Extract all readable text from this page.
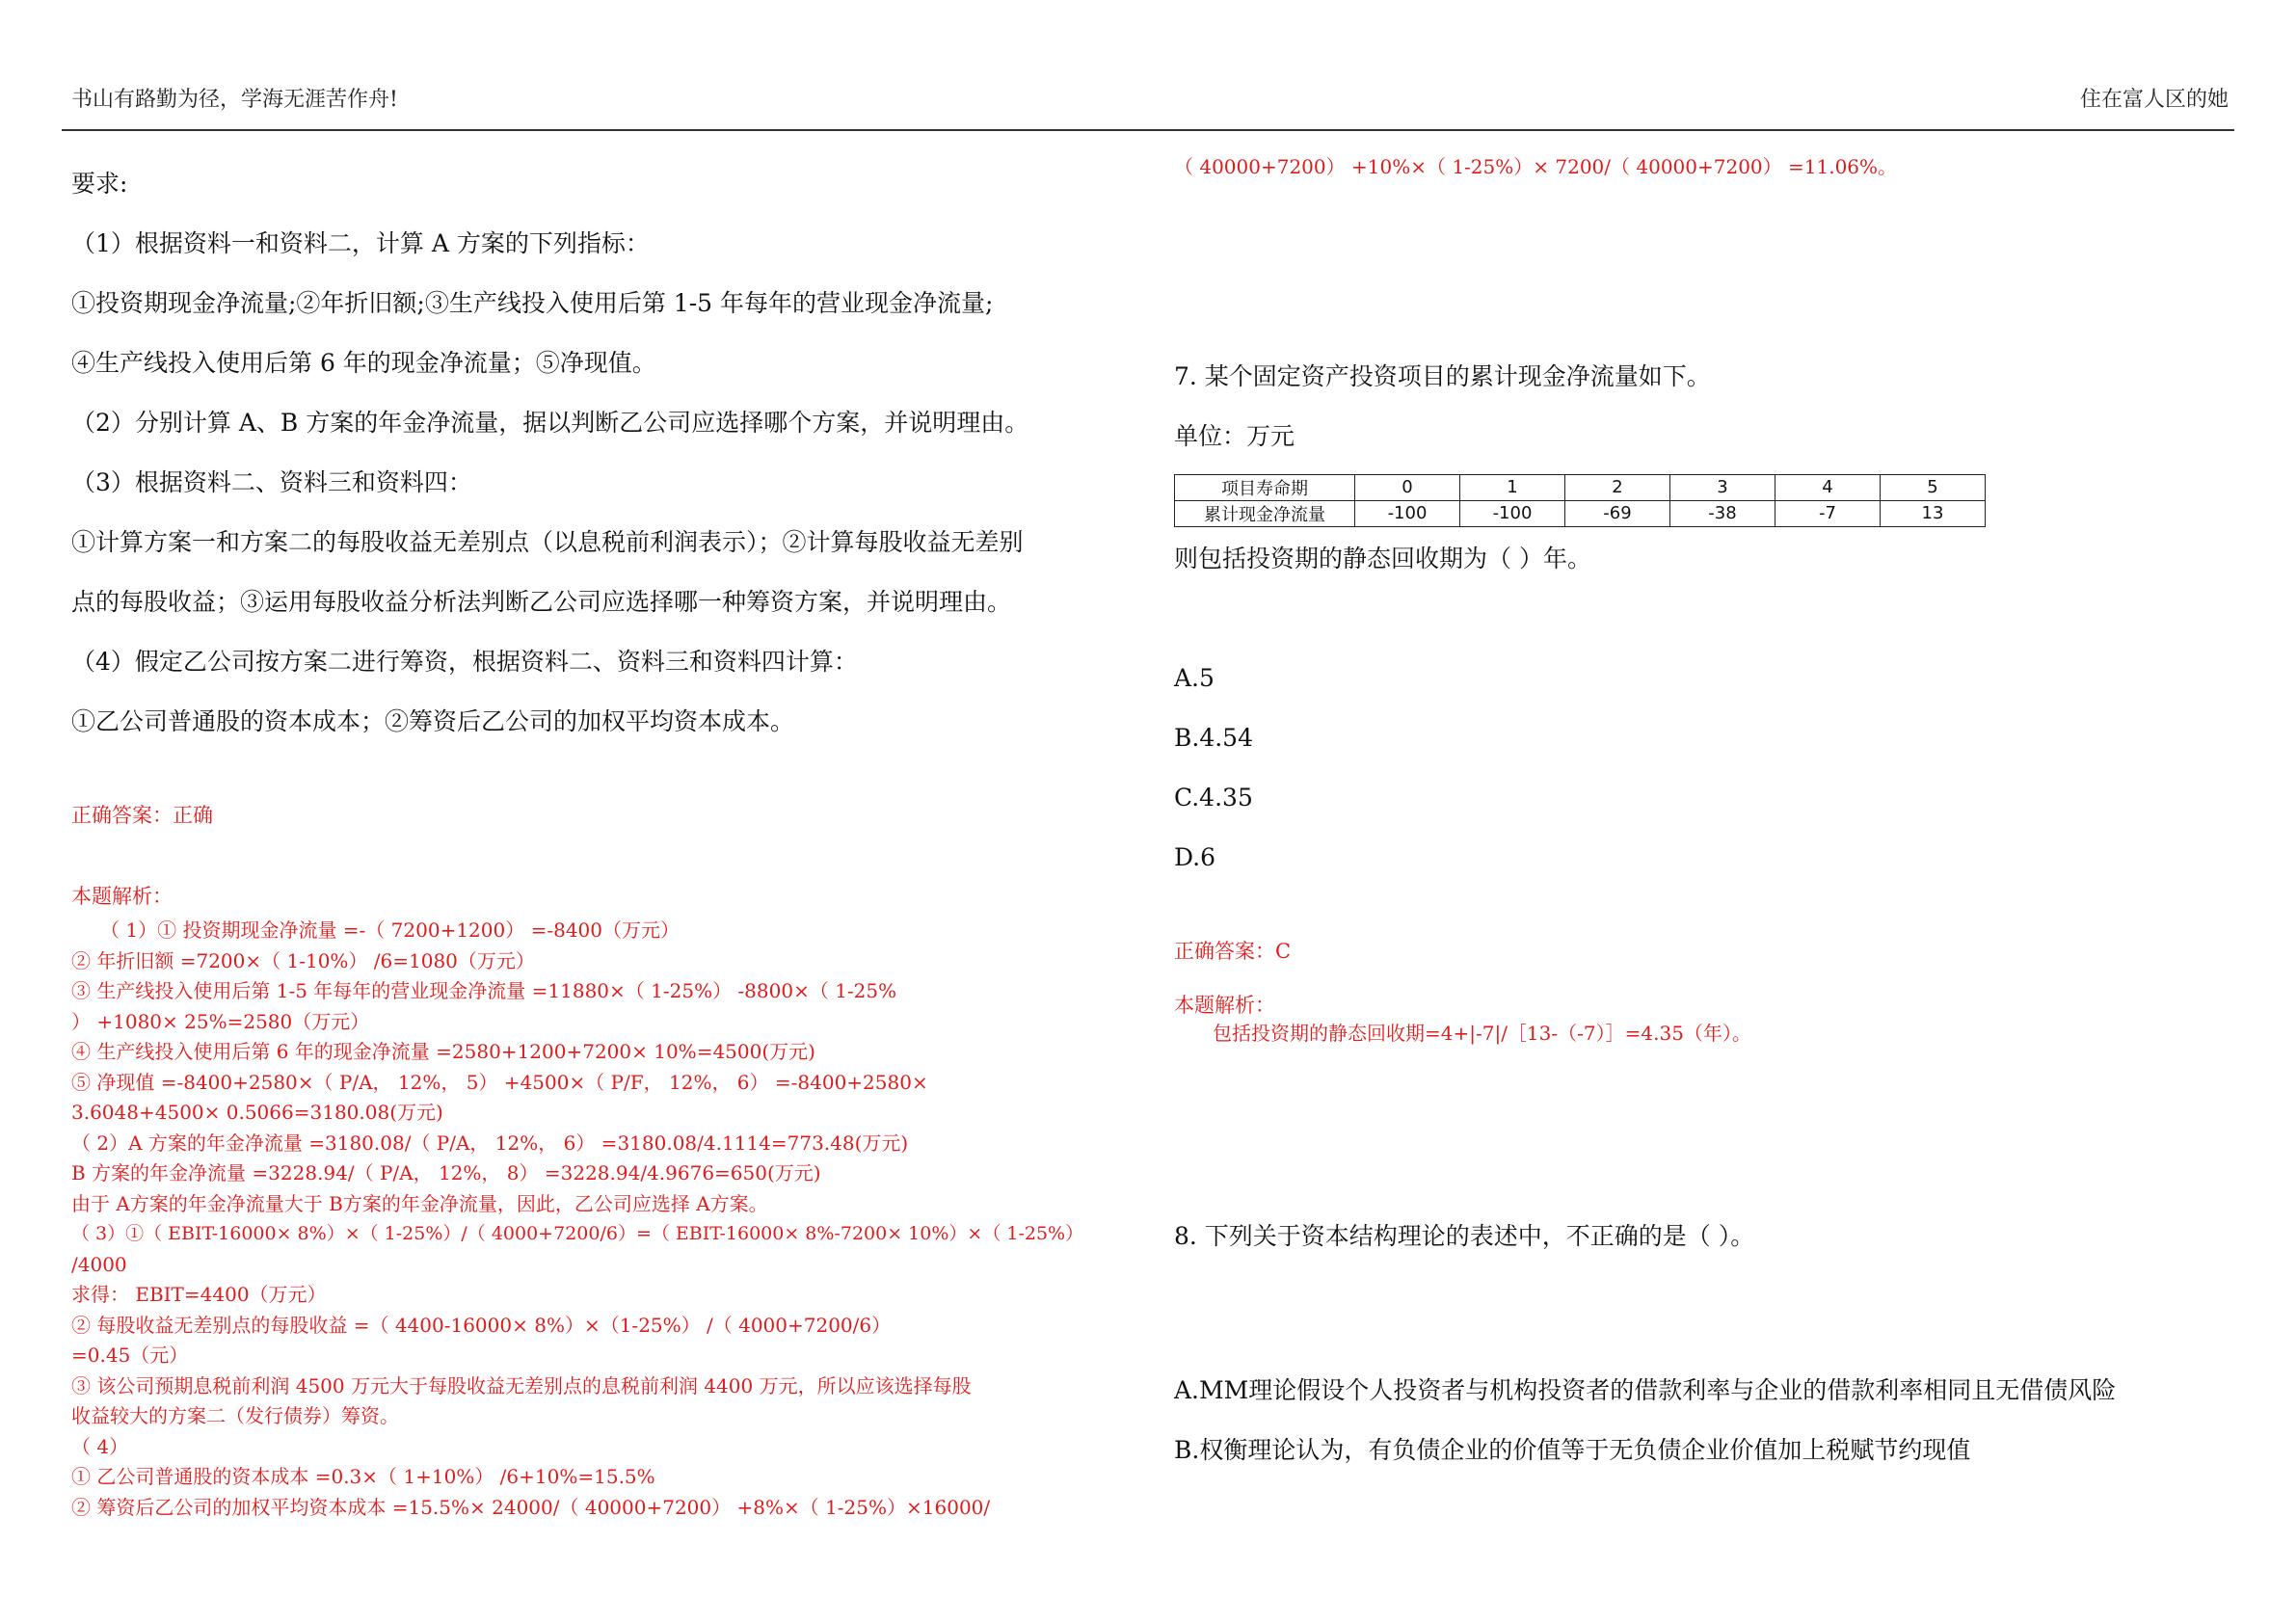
书山有路勤为径，学海无涯苦作舟!	住在富人区的她
要求:
（1）根据资料一和资料二，计算 A 方案的下列指标：
①投资期现金净流量;②年折旧额;③生产线投入使用后第 1-5 年每年的营业现金净流量;
④生产线投入使用后第 6 年的现金净流量；⑤净现值。
（2）分别计算 A、B 方案的年金净流量，据以判断乙公司应选择哪个方案，并说明理由。
（3）根据资料二、资料三和资料四：
①计算方案一和方案二的每股收益无差别点（以息税前利润表示）；②计算每股收益无差别
点的每股收益；③运用每股收益分析法判断乙公司应选择哪一种筹资方案，并说明理由。
（4）假定乙公司按方案二进行筹资，根据资料二、资料三和资料四计算：
①乙公司普通股的资本成本；②筹资后乙公司的加权平均资本成本。
正确答案：正确
本题解析：
　　（ 1）① 投资期现金净流量 =-（ 7200+1200） =-8400（万元）
② 年折旧额 =7200×（ 1-10%） /6=1080（万元）
③ 生产线投入使用后第 1-5 年每年的营业现金净流量 =11880×（ 1-25%） -8800×（ 1-25%
） +1080× 25%=2580（万元）
④ 生产线投入使用后第 6 年的现金净流量 =2580+1200+7200× 10%=4500(万元)
⑤ 净现值 =-8400+2580×（ P/A， 12%， 5） +4500×（ P/F， 12%， 6） =-8400+2580×
3.6048+4500× 0.5066=3180.08(万元)
（ 2）A 方案的年金净流量 =3180.08/（ P/A， 12%， 6） =3180.08/4.1114=773.48(万元)
B 方案的年金净流量 =3228.94/（ P/A， 12%， 8） =3228.94/4.9676=650(万元)
由于 A方案的年金净流量大于 B方案的年金净流量，因此，乙公司应选择 A方案。
（ 3）①（ EBIT-16000× 8%）×（ 1-25%）/（ 4000+7200/6）=（ EBIT-16000× 8%-7200× 10%）×（ 1-25%）
/4000
求得： EBIT=4400（万元）
② 每股收益无差别点的每股收益 =（ 4400-16000× 8%）×（1-25%） /（ 4000+7200/6）
=0.45（元）
③ 该公司预期息税前利润 4500 万元大于每股收益无差别点的息税前利润 4400 万元，所以应该选择每股
收益较大的方案二（发行债券）筹资。
（ 4）
① 乙公司普通股的资本成本 =0.3×（ 1+10%） /6+10%=15.5%
② 筹资后乙公司的加权平均资本成本 =15.5%× 24000/（ 40000+7200） +8%×（ 1-25%）×16000/
（ 40000+7200） +10%×（ 1-25%）× 7200/（ 40000+7200） =11.06%。
7. 某个固定资产投资项目的累计现金净流量如下。
单位：万元
项目寿命期	0	1	2	3	4	5
累计现金净流量	-100	-100	-69	-38	-7	13
则包括投资期的静态回收期为（ ）年。
A.5
B.4.54
C.4.35
D.6
正确答案：C
本题解析：
　　包括投资期的静态回收期=4+|-7|/［13-（-7）］=4.35（年）。
8. 下列关于资本结构理论的表述中，不正确的是（ ）。
A.MM理论假设个人投资者与机构投资者的借款利率与企业的借款利率相同且无借债风险
B.权衡理论认为，有负债企业的价值等于无负债企业价值加上税赋节约现值
